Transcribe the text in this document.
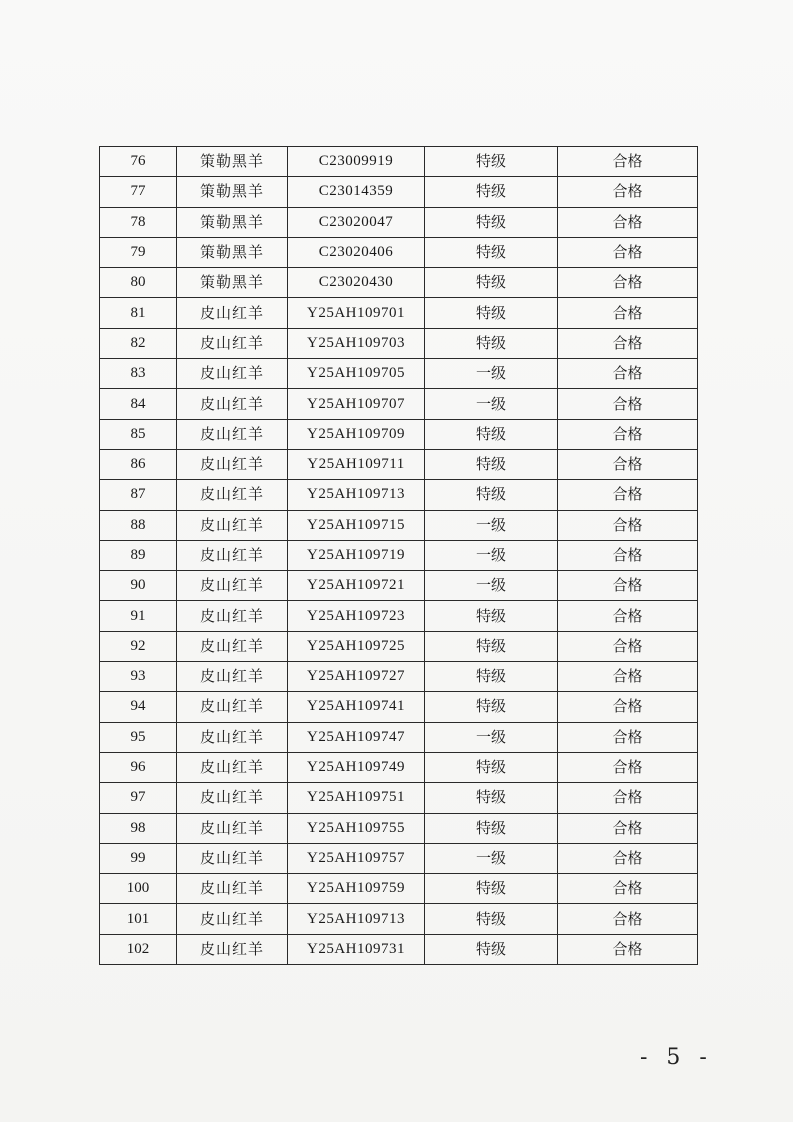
76	策勒黑羊	C23009919	特级	合格
77	策勒黑羊	C23014359	特级	合格
78	策勒黑羊	C23020047	特级	合格
79	策勒黑羊	C23020406	特级	合格
80	策勒黑羊	C23020430	特级	合格
81	皮山红羊	Y25AH109701	特级	合格
82	皮山红羊	Y25AH109703	特级	合格
83	皮山红羊	Y25AH109705	一级	合格
84	皮山红羊	Y25AH109707	一级	合格
85	皮山红羊	Y25AH109709	特级	合格
86	皮山红羊	Y25AH109711	特级	合格
87	皮山红羊	Y25AH109713	特级	合格
88	皮山红羊	Y25AH109715	一级	合格
89	皮山红羊	Y25AH109719	一级	合格
90	皮山红羊	Y25AH109721	一级	合格
91	皮山红羊	Y25AH109723	特级	合格
92	皮山红羊	Y25AH109725	特级	合格
93	皮山红羊	Y25AH109727	特级	合格
94	皮山红羊	Y25AH109741	特级	合格
95	皮山红羊	Y25AH109747	一级	合格
96	皮山红羊	Y25AH109749	特级	合格
97	皮山红羊	Y25AH109751	特级	合格
98	皮山红羊	Y25AH109755	特级	合格
99	皮山红羊	Y25AH109757	一级	合格
100	皮山红羊	Y25AH109759	特级	合格
101	皮山红羊	Y25AH109713	特级	合格
102	皮山红羊	Y25AH109731	特级	合格
- 5 -
